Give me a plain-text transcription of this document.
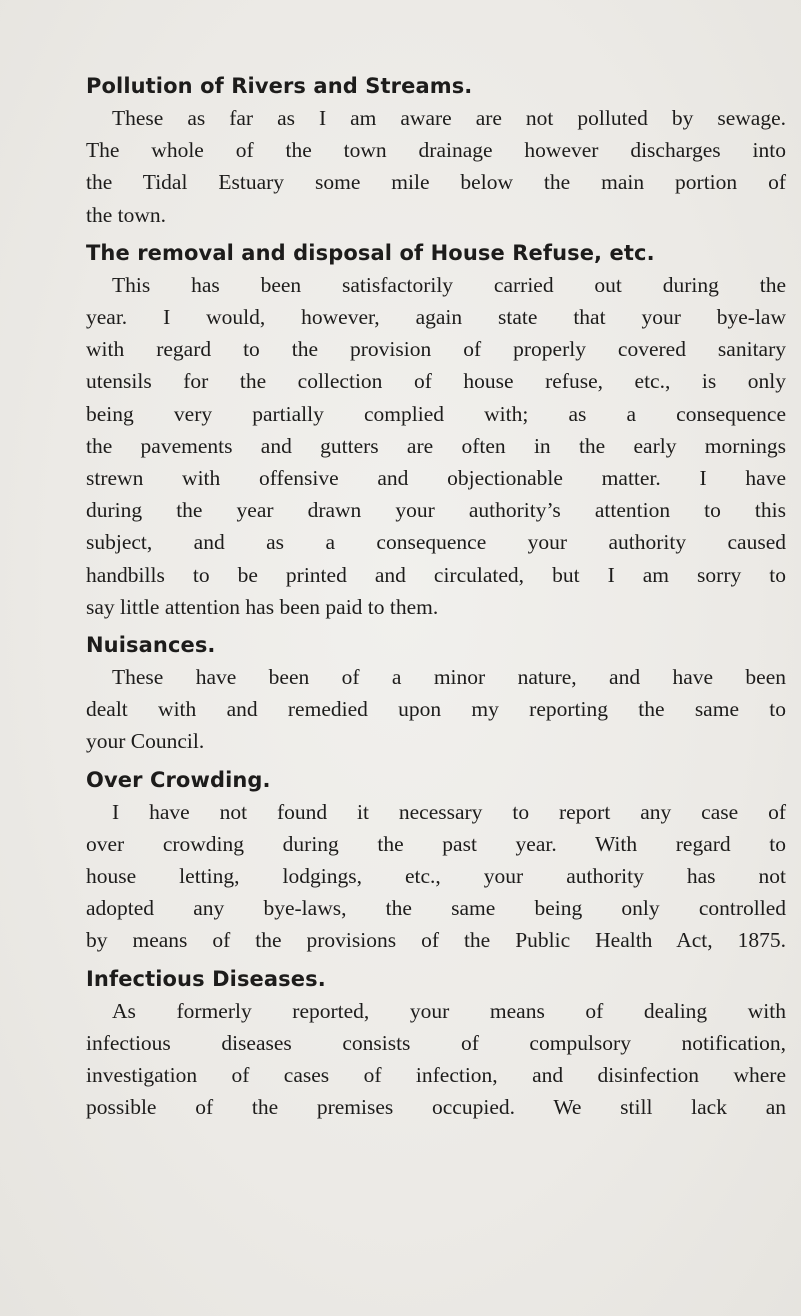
Pollution of Rivers and Streams.

These as far as I am aware are not polluted by sewage.
The whole of the town drainage however discharges into
the Tidal Estuary some mile below the main portion of
the town.

The removal and disposal of House Refuse, etc.

This has been satisfactorily carried out during the
year. I would, however, again state that your bye-law
with regard to the provision of properly covered sanitary
utensils for the collection of house refuse, etc., is only
being very partially complied with; as a consequence
the pavements and gutters are often in the early mornings
strewn with offensive and objectionable matter. I have
during the year drawn your authority’s attention to this
subject, and as a consequence your authority caused
handbills to be printed and circulated, but I am sorry to
say little attention has been paid to them.

Nuisances.

These have been of a minor nature, and have been
dealt with and remedied upon my reporting the same to
your Council.

Over Crowding.

I have not found it necessary to report any case of
over crowding during the past year. With regard to
house letting, lodgings, etc., your authority has not
adopted any bye-laws, the same being only controlled
by means of the provisions of the Public Health Act, 1875.

Infectious Diseases.

As formerly reported, your means of dealing with
infectious diseases consists of compulsory notification,
investigation of cases of infection, and disinfection where
possible of the premises occupied. We still lack an
